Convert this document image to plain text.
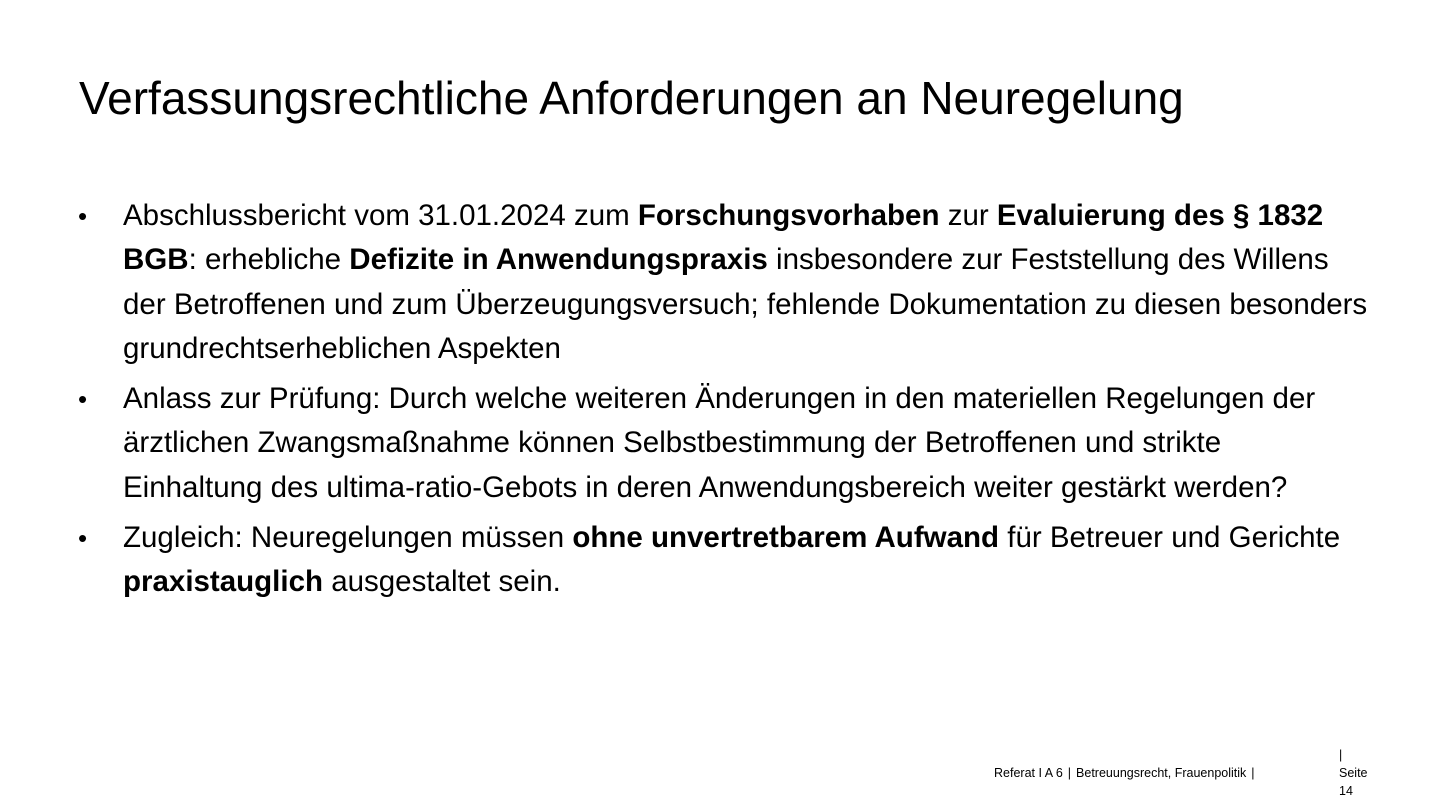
Verfassungsrechtliche Anforderungen an Neuregelung
•	Abschlussbericht vom 31.01.2024 zum Forschungsvorhaben zur Evaluierung des § 1832 BGB: erhebliche Defizite in Anwendungspraxis insbesondere zur Feststellung des Willens der Betroffenen und zum Überzeugungsversuch; fehlende Dokumentation zu diesen besonders grundrechtserheblichen Aspekten
•	Anlass zur Prüfung: Durch welche weiteren Änderungen in den materiellen Regelungen der ärztlichen Zwangsmaßnahme können Selbstbestimmung der Betroffenen und strikte Einhaltung des ultima-ratio-Gebots in deren Anwendungsbereich weiter gestärkt werden?
•	Zugleich: Neuregelungen müssen ohne unvertretbarem Aufwand für Betreuer und Gerichte praxistauglich ausgestaltet sein.
Referat I A 6 | Betreuungsrecht, Frauenpolitik |
|
Seite
14
